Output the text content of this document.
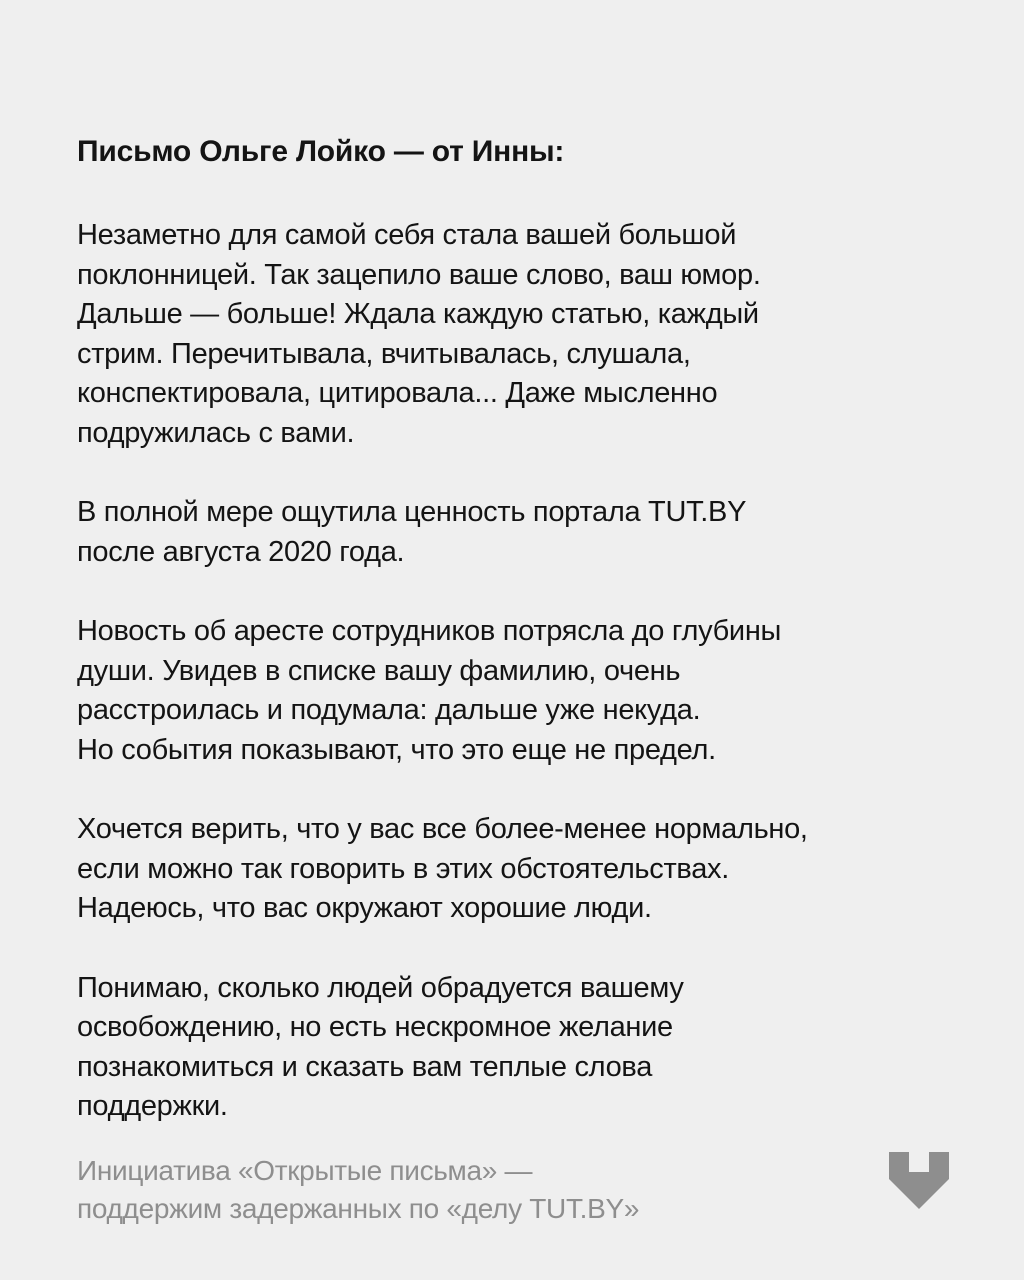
Письмо Ольге Лойко — от Инны:
Незаметно для самой себя стала вашей большой
поклонницей. Так зацепило ваше слово, ваш юмор.
Дальше — больше! Ждала каждую статью, каждый
стрим. Перечитывала, вчитывалась, слушала,
конспектировала, цитировала... Даже мысленно
подружилась с вами.
В полной мере ощутила ценность портала TUT.BY
после августа 2020 года.
Новость об аресте сотрудников потрясла до глубины
души. Увидев в списке вашу фамилию, очень
расстроилась и подумала: дальше уже некуда.
Но события показывают, что это еще не предел.
Хочется верить, что у вас все более-менее нормально,
если можно так говорить в этих обстоятельствах.
Надеюсь, что вас окружают хорошие люди.
Понимаю, сколько людей обрадуется вашему
освобождению, но есть нескромное желание
познакомиться и сказать вам теплые слова
поддержки.
Инициатива «Открытые письма» —
поддержим задержанных по «делу TUT.BY»
